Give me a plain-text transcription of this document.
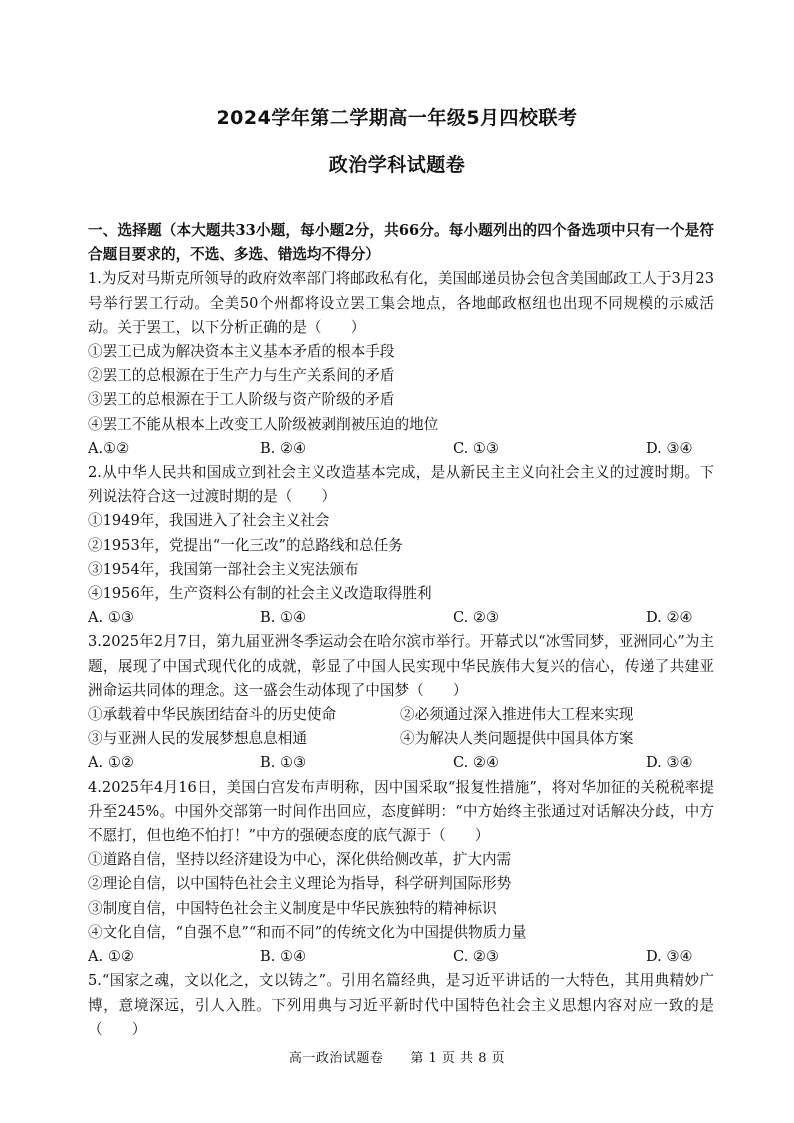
2024学年第二学期高一年级5月四校联考
政治学科试题卷
一、选择题（本大题共33小题，每小题2分，共66分。每小题列出的四个备选项中只有一个是符合题目要求的，不选、多选、错选均不得分）
1.为反对马斯克所领导的政府效率部门将邮政私有化，美国邮递员协会包含美国邮政工人于3月23号举行罢工行动。全美50个州都将设立罢工集会地点，各地邮政枢纽也出现不同规模的示威活动。关于罢工，以下分析正确的是（　　）
①罢工已成为解决资本主义基本矛盾的根本手段
②罢工的总根源在于生产力与生产关系间的矛盾
③罢工的总根源在于工人阶级与资产阶级的矛盾
④罢工不能从根本上改变工人阶级被剥削被压迫的地位
A.①②	B. ②④	C. ①③	D. ③④
2.从中华人民共和国成立到社会主义改造基本完成，是从新民主主义向社会主义的过渡时期。下列说法符合这一过渡时期的是（　　）
①1949年，我国进入了社会主义社会
②1953年，党提出“一化三改”的总路线和总任务
③1954年，我国第一部社会主义宪法颁布
④1956年，生产资料公有制的社会主义改造取得胜利
A. ①③	B. ①④	C. ②③	D. ②④
3.2025年2月7日，第九届亚洲冬季运动会在哈尔滨市举行。开幕式以“冰雪同梦，亚洲同心”为主题，展现了中国式现代化的成就，彰显了中国人民实现中华民族伟大复兴的信心，传递了共建亚洲命运共同体的理念。这一盛会生动体现了中国梦（　　）
①承载着中华民族团结奋斗的历史使命	②必须通过深入推进伟大工程来实现
③与亚洲人民的发展梦想息息相通	④为解决人类问题提供中国具体方案
A. ①②	B. ①③	C. ②④	D. ③④
4.2025年4月16日，美国白宫发布声明称，因中国采取“报复性措施”，将对华加征的关税税率提升至245%。中国外交部第一时间作出回应，态度鲜明：“中方始终主张通过对话解决分歧，中方不愿打，但也绝不怕打！”中方的强硬态度的底气源于（　　）
①道路自信，坚持以经济建设为中心，深化供给侧改革，扩大内需
②理论自信，以中国特色社会主义理论为指导，科学研判国际形势
③制度自信，中国特色社会主义制度是中华民族独特的精神标识
④文化自信，“自强不息”“和而不同”的传统文化为中国提供物质力量
A. ①②	B. ①④	C. ②③	D. ③④
5.“国家之魂，文以化之，文以铸之”。引用名篇经典，是习近平讲话的一大特色，其用典精妙广博，意境深远，引人入胜。下列用典与习近平新时代中国特色社会主义思想内容对应一致的是（　　）
高一政治试题卷　　第 1 页 共 8 页
